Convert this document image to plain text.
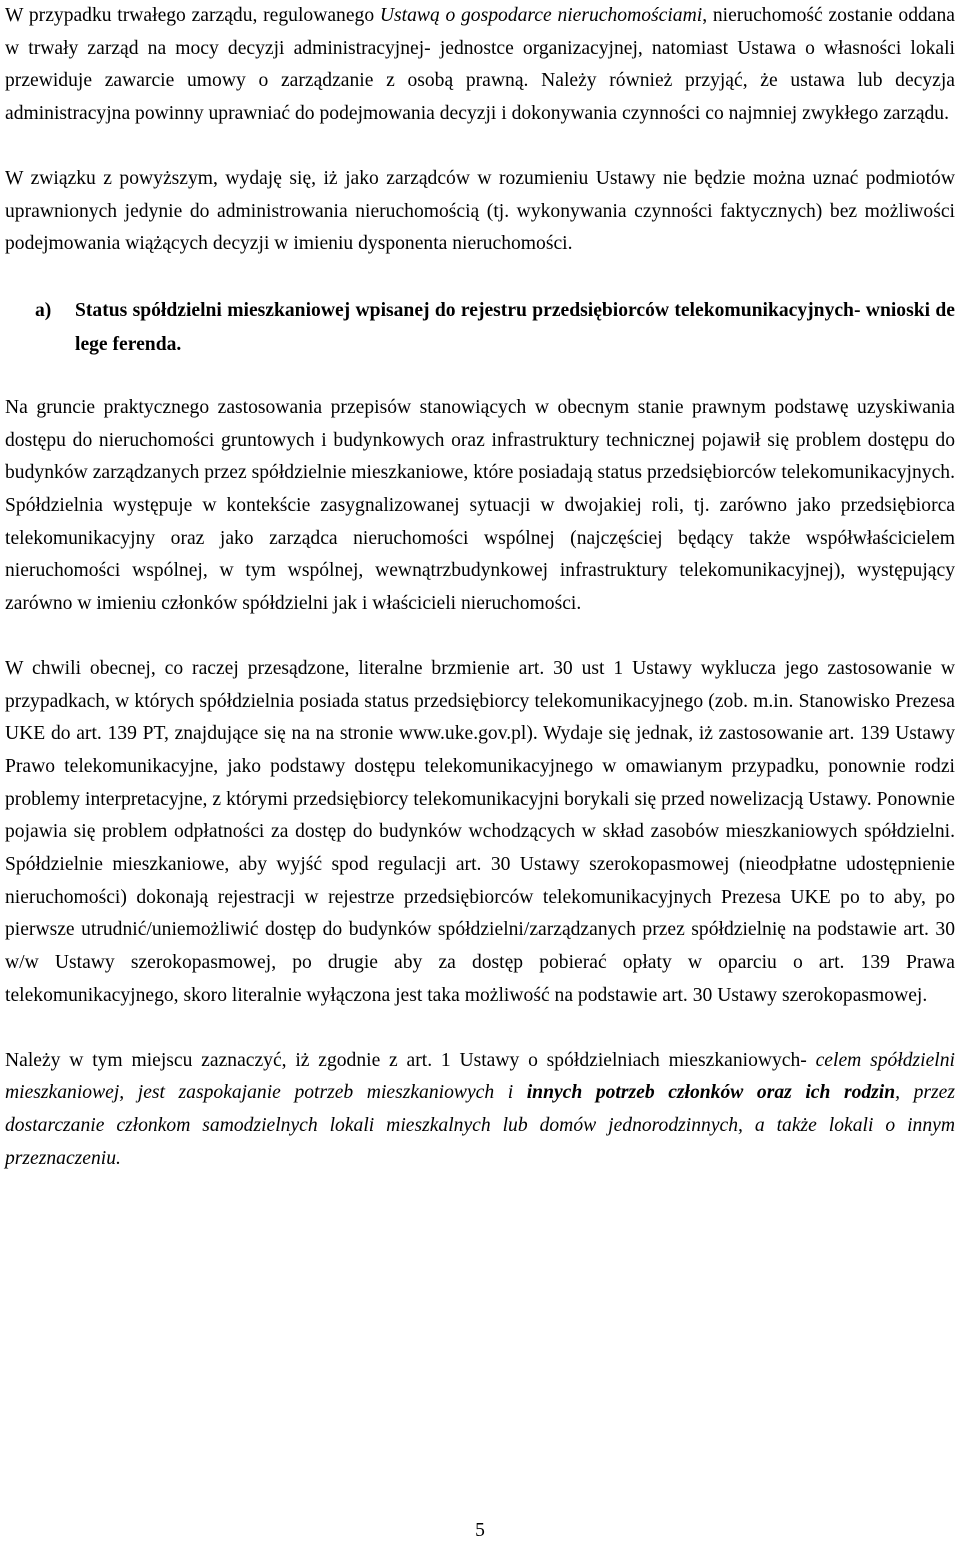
W przypadku trwałego zarządu, regulowanego Ustawą o gospodarce nieruchomościami, nieruchomość zostanie oddana w trwały zarząd na mocy decyzji administracyjnej- jednostce organizacyjnej, natomiast Ustawa o własności lokali przewiduje zawarcie umowy o zarządzanie z osobą prawną. Należy również przyjąć, że ustawa lub decyzja administracyjna powinny uprawniać do podejmowania decyzji i dokonywania czynności co najmniej zwykłego zarządu.

W związku z powyższym, wydaję się, iż jako zarządców w rozumieniu Ustawy nie będzie można uznać podmiotów uprawnionych jedynie do administrowania nieruchomością (tj. wykonywania czynności faktycznych) bez możliwości podejmowania wiążących decyzji w imieniu dysponenta nieruchomości.

a)	Status spółdzielni mieszkaniowej wpisanej do rejestru przedsiębiorców telekomunikacyjnych- wnioski de lege ferenda.

Na gruncie praktycznego zastosowania przepisów stanowiących w obecnym stanie prawnym podstawę uzyskiwania dostępu do nieruchomości gruntowych i budynkowych oraz infrastruktury technicznej pojawił się problem dostępu do budynków zarządzanych przez spółdzielnie mieszkaniowe, które posiadają status przedsiębiorców telekomunikacyjnych. Spółdzielnia występuje w kontekście zasygnalizowanej sytuacji w dwojakiej roli, tj. zarówno jako przedsiębiorca telekomunikacyjny oraz jako zarządca nieruchomości wspólnej (najczęściej będący także współwłaścicielem nieruchomości wspólnej, w tym wspólnej, wewnątrzbudynkowej infrastruktury telekomunikacyjnej), występujący zarówno w imieniu członków spółdzielni jak i właścicieli nieruchomości.

W chwili obecnej, co raczej przesądzone, literalne brzmienie art. 30 ust 1 Ustawy wyklucza jego zastosowanie w przypadkach, w których spółdzielnia posiada status przedsiębiorcy telekomunikacyjnego (zob. m.in. Stanowisko Prezesa UKE do art. 139 PT, znajdujące się na na stronie www.uke.gov.pl). Wydaje się jednak, iż zastosowanie art. 139 Ustawy Prawo telekomunikacyjne, jako podstawy dostępu telekomunikacyjnego w omawianym przypadku, ponownie rodzi problemy interpretacyjne, z którymi przedsiębiorcy telekomunikacyjni borykali się przed nowelizacją Ustawy. Ponownie pojawia się problem odpłatności za dostęp do budynków wchodzących w skład zasobów mieszkaniowych spółdzielni. Spółdzielnie mieszkaniowe, aby wyjść spod regulacji art. 30 Ustawy szerokopasmowej (nieodpłatne udostępnienie nieruchomości) dokonają rejestracji w rejestrze przedsiębiorców telekomunikacyjnych Prezesa UKE po to aby, po pierwsze utrudnić/uniemożliwić dostęp do budynków spółdzielni/zarządzanych przez spółdzielnię na podstawie art. 30 w/w Ustawy szerokopasmowej, po drugie aby za dostęp pobierać opłaty w oparciu o art. 139 Prawa telekomunikacyjnego, skoro literalnie wyłączona jest taka możliwość na podstawie art. 30 Ustawy szerokopasmowej.

Należy w tym miejscu zaznaczyć, iż zgodnie z art. 1 Ustawy o spółdzielniach mieszkaniowych- celem spółdzielni mieszkaniowej, jest zaspokajanie potrzeb mieszkaniowych i innych potrzeb członków oraz ich rodzin, przez dostarczanie członkom samodzielnych lokali mieszkalnych lub domów jednorodzinnych, a także lokali o innym przeznaczeniu.

5
